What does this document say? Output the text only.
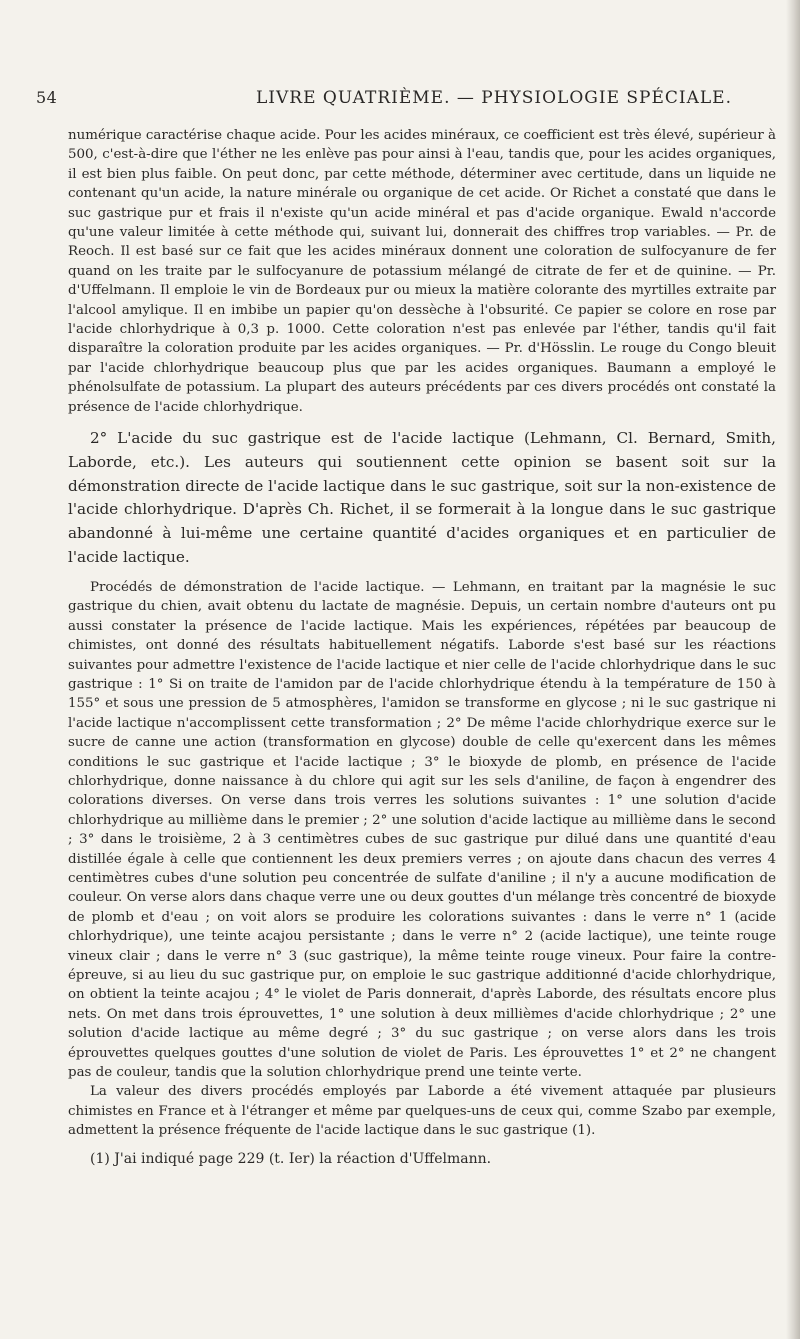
54	LIVRE QUATRIÈME. — PHYSIOLOGIE SPÉCIALE.

numérique caractérise chaque acide. Pour les acides minéraux, ce coefficient est très élevé, supérieur à 500, c'est-à-dire que l'éther ne les enlève pas pour ainsi à l'eau, tandis que, pour les acides organiques, il est bien plus faible. On peut donc, par cette méthode, déterminer avec certitude, dans un liquide ne contenant qu'un acide, la nature minérale ou organique de cet acide. Or Richet a constaté que dans le suc gastrique pur et frais il n'existe qu'un acide minéral et pas d'acide organique. Ewald n'accorde qu'une valeur limitée à cette méthode qui, suivant lui, donnerait des chiffres trop variables. — Pr. de Reoch. Il est basé sur ce fait que les acides minéraux donnent une coloration de sulfocyanure de fer quand on les traite par le sulfocyanure de potassium mélangé de citrate de fer et de quinine. — Pr. d'Uffelmann. Il emploie le vin de Bordeaux pur ou mieux la matière colorante des myrtilles extraite par l'alcool amylique. Il en imbibe un papier qu'on dessèche à l'obsurité. Ce papier se colore en rose par l'acide chlorhydrique à 0,3 p. 1000. Cette coloration n'est pas enlevée par l'éther, tandis qu'il fait disparaître la coloration produite par les acides organiques. — Pr. d'Hösslin. Le rouge du Congo bleuit par l'acide chlorhydrique beaucoup plus que par les acides organiques. Baumann a employé le phénolsulfate de potassium. La plupart des auteurs précédents par ces divers procédés ont constaté la présence de l'acide chlorhydrique.

2° L'acide du suc gastrique est de l'acide lactique (Lehmann, Cl. Bernard, Smith, Laborde, etc.). Les auteurs qui soutiennent cette opinion se basent soit sur la démonstration directe de l'acide lactique dans le suc gastrique, soit sur la non-existence de l'acide chlorhydrique. D'après Ch. Richet, il se formerait à la longue dans le suc gastrique abandonné à lui-même une certaine quantité d'acides organiques et en particulier de l'acide lactique.

Procédés de démonstration de l'acide lactique. — Lehmann, en traitant par la magnésie le suc gastrique du chien, avait obtenu du lactate de magnésie. Depuis, un certain nombre d'auteurs ont pu aussi constater la présence de l'acide lactique. Mais les expériences, répétées par beaucoup de chimistes, ont donné des résultats habituellement négatifs. Laborde s'est basé sur les réactions suivantes pour admettre l'existence de l'acide lactique et nier celle de l'acide chlorhydrique dans le suc gastrique : 1° Si on traite de l'amidon par de l'acide chlorhydrique étendu à la température de 150 à 155° et sous une pression de 5 atmosphères, l'amidon se transforme en glycose ; ni le suc gastrique ni l'acide lactique n'accomplissent cette transformation ; 2° De même l'acide chlorhydrique exerce sur le sucre de canne une action (transformation en glycose) double de celle qu'exercent dans les mêmes conditions le suc gastrique et l'acide lactique ; 3° le bioxyde de plomb, en présence de l'acide chlorhydrique, donne naissance à du chlore qui agit sur les sels d'aniline, de façon à engendrer des colorations diverses. On verse dans trois verres les solutions suivantes : 1° une solution d'acide chlorhydrique au millième dans le premier ; 2° une solution d'acide lactique au millième dans le second ; 3° dans le troisième, 2 à 3 centimètres cubes de suc gastrique pur dilué dans une quantité d'eau distillée égale à celle que contiennent les deux premiers verres ; on ajoute dans chacun des verres 4 centimètres cubes d'une solution peu concentrée de sulfate d'aniline ; il n'y a aucune modification de couleur. On verse alors dans chaque verre une ou deux gouttes d'un mélange très concentré de bioxyde de plomb et d'eau ; on voit alors se produire les colorations suivantes : dans le verre n° 1 (acide chlorhydrique), une teinte acajou persistante ; dans le verre n° 2 (acide lactique), une teinte rouge vineux clair ; dans le verre n° 3 (suc gastrique), la même teinte rouge vineux. Pour faire la contre-épreuve, si au lieu du suc gastrique pur, on emploie le suc gastrique additionné d'acide chlorhydrique, on obtient la teinte acajou ; 4° le violet de Paris donnerait, d'après Laborde, des résultats encore plus nets. On met dans trois éprouvettes, 1° une solution à deux millièmes d'acide chlorhydrique ; 2° une solution d'acide lactique au même degré ; 3° du suc gastrique ; on verse alors dans les trois éprouvettes quelques gouttes d'une solution de violet de Paris. Les éprouvettes 1° et 2° ne changent pas de couleur, tandis que la solution chlorhydrique prend une teinte verte.

La valeur des divers procédés employés par Laborde a été vivement attaquée par plusieurs chimistes en France et à l'étranger et même par quelques-uns de ceux qui, comme Szabo par exemple, admettent la présence fréquente de l'acide lactique dans le suc gastrique (1).

(1) J'ai indiqué page 229 (t. Ier) la réaction d'Uffelmann.
